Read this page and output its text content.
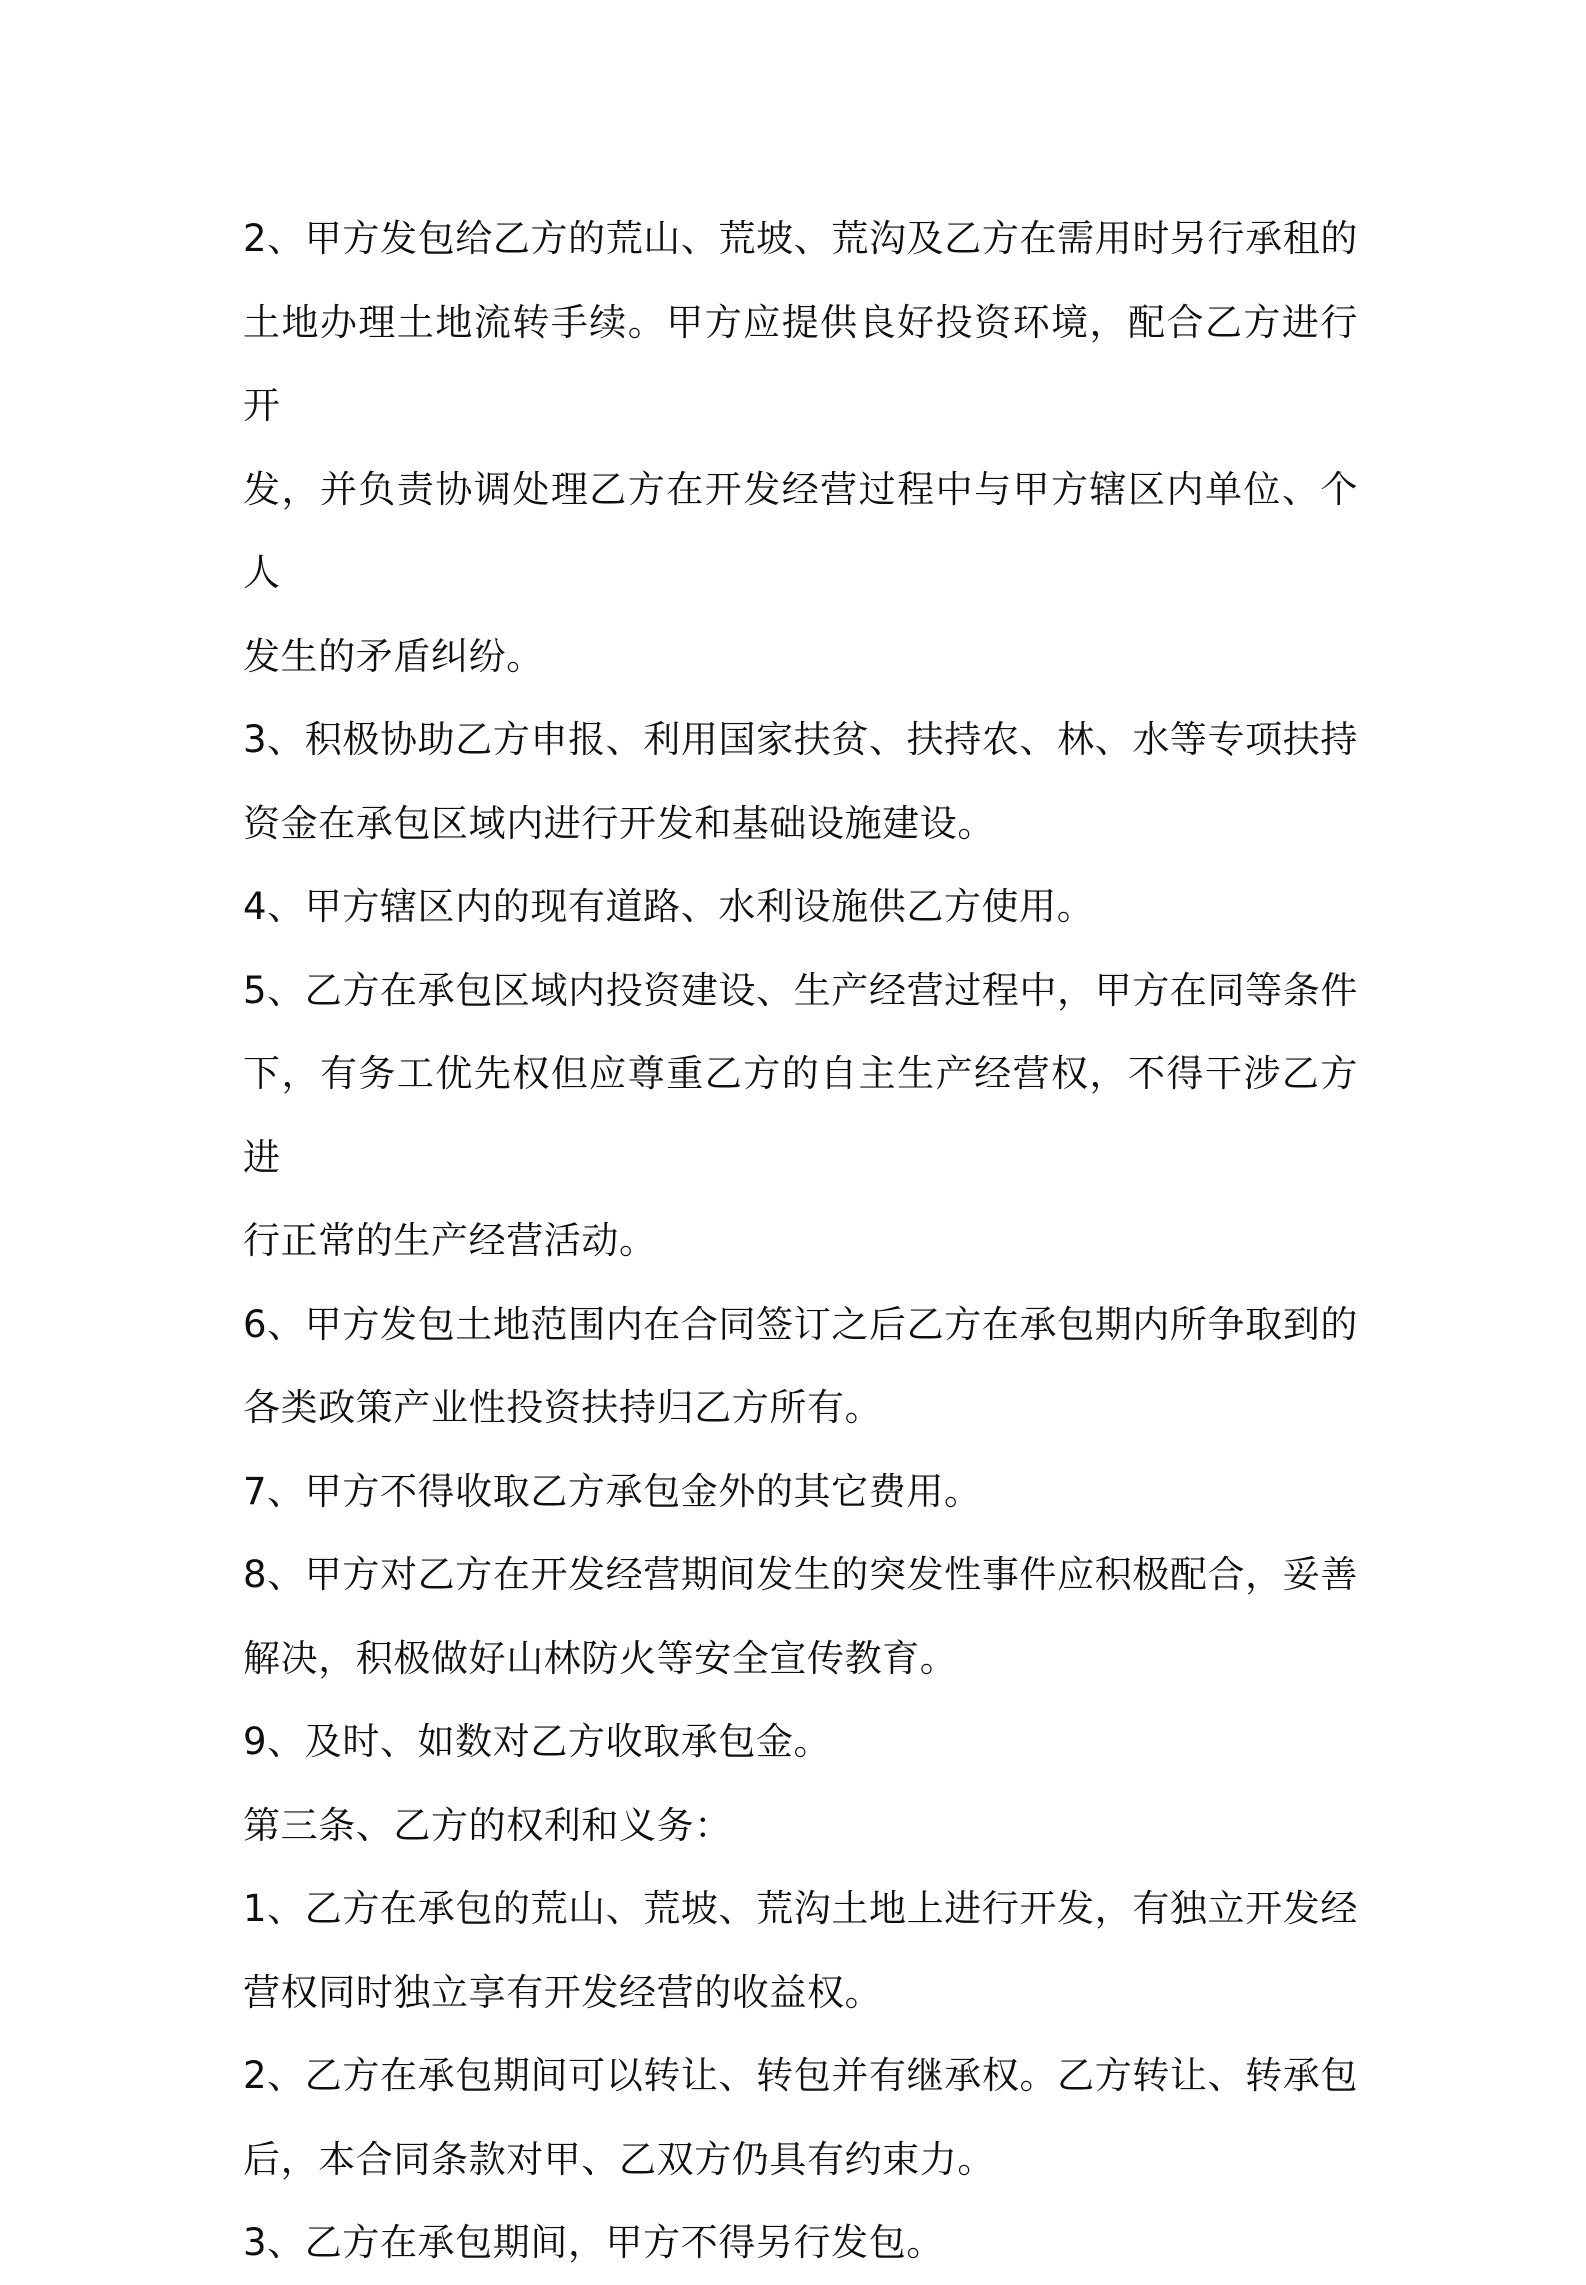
2、甲方发包给乙方的荒山、荒坡、荒沟及乙方在需用时另行承租的

土地办理土地流转手续。甲方应提供良好投资环境，配合乙方进行开

发，并负责协调处理乙方在开发经营过程中与甲方辖区内单位、个人

发生的矛盾纠纷。

3、积极协助乙方申报、利用国家扶贫、扶持农、林、水等专项扶持

资金在承包区域内进行开发和基础设施建设。

4、甲方辖区内的现有道路、水利设施供乙方使用。

5、乙方在承包区域内投资建设、生产经营过程中，甲方在同等条件

下，有务工优先权但应尊重乙方的自主生产经营权，不得干涉乙方进

行正常的生产经营活动。

6、甲方发包土地范围内在合同签订之后乙方在承包期内所争取到的

各类政策产业性投资扶持归乙方所有。

7、甲方不得收取乙方承包金外的其它费用。

8、甲方对乙方在开发经营期间发生的突发性事件应积极配合，妥善

解决，积极做好山林防火等安全宣传教育。

9、及时、如数对乙方收取承包金。

第三条、乙方的权利和义务：

1、乙方在承包的荒山、荒坡、荒沟土地上进行开发，有独立开发经

营权同时独立享有开发经营的收益权。

2、乙方在承包期间可以转让、转包并有继承权。乙方转让、转承包

后，本合同条款对甲、乙双方仍具有约束力。

3、乙方在承包期间，甲方不得另行发包。
